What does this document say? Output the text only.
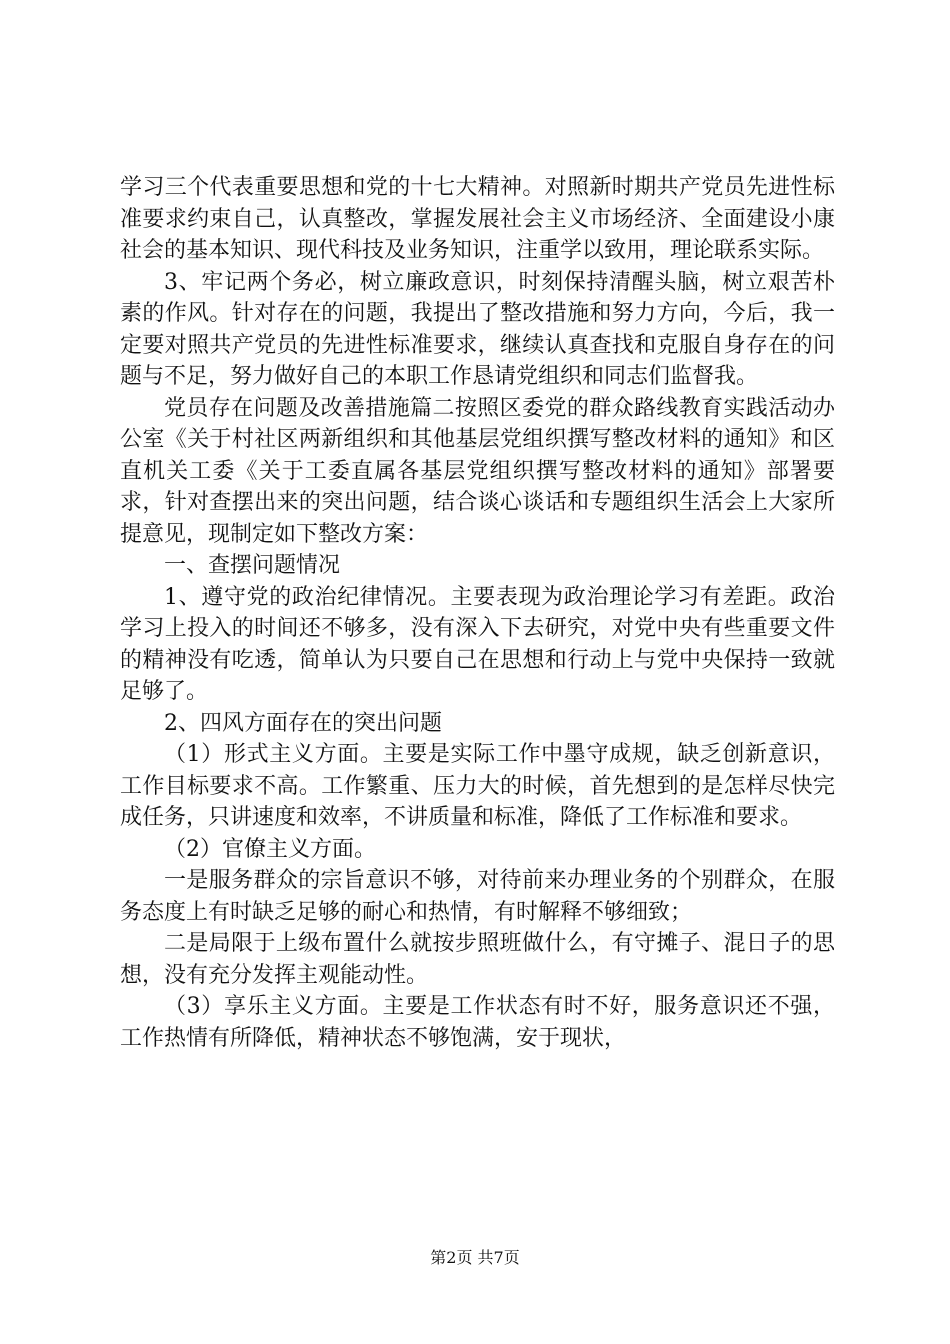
学习三个代表重要思想和党的十七大精神。对照新时期共产党员先进性标准要求约束自己，认真整改，掌握发展社会主义市场经济、全面建设小康社会的基本知识、现代科技及业务知识，注重学以致用，理论联系实际。

3、牢记两个务必，树立廉政意识，时刻保持清醒头脑，树立艰苦朴素的作风。针对存在的问题，我提出了整改措施和努力方向，今后，我一定要对照共产党员的先进性标准要求，继续认真查找和克服自身存在的问题与不足，努力做好自己的本职工作恳请党组织和同志们监督我。

党员存在问题及改善措施篇二按照区委党的群众路线教育实践活动办公室《关于村社区两新组织和其他基层党组织撰写整改材料的通知》和区直机关工委《关于工委直属各基层党组织撰写整改材料的通知》部署要求，针对查摆出来的突出问题，结合谈心谈话和专题组织生活会上大家所提意见，现制定如下整改方案：

一、查摆问题情况

1、遵守党的政治纪律情况。主要表现为政治理论学习有差距。政治学习上投入的时间还不够多，没有深入下去研究，对党中央有些重要文件的精神没有吃透，简单认为只要自己在思想和行动上与党中央保持一致就足够了。

2、四风方面存在的突出问题

（1）形式主义方面。主要是实际工作中墨守成规，缺乏创新意识，工作目标要求不高。工作繁重、压力大的时候，首先想到的是怎样尽快完成任务，只讲速度和效率，不讲质量和标准，降低了工作标准和要求。

（2）官僚主义方面。

一是服务群众的宗旨意识不够，对待前来办理业务的个别群众，在服务态度上有时缺乏足够的耐心和热情，有时解释不够细致；

二是局限于上级布置什么就按步照班做什么，有守摊子、混日子的思想，没有充分发挥主观能动性。

（3）享乐主义方面。主要是工作状态有时不好，服务意识还不强，工作热情有所降低，精神状态不够饱满，安于现状，

第2页 共7页
